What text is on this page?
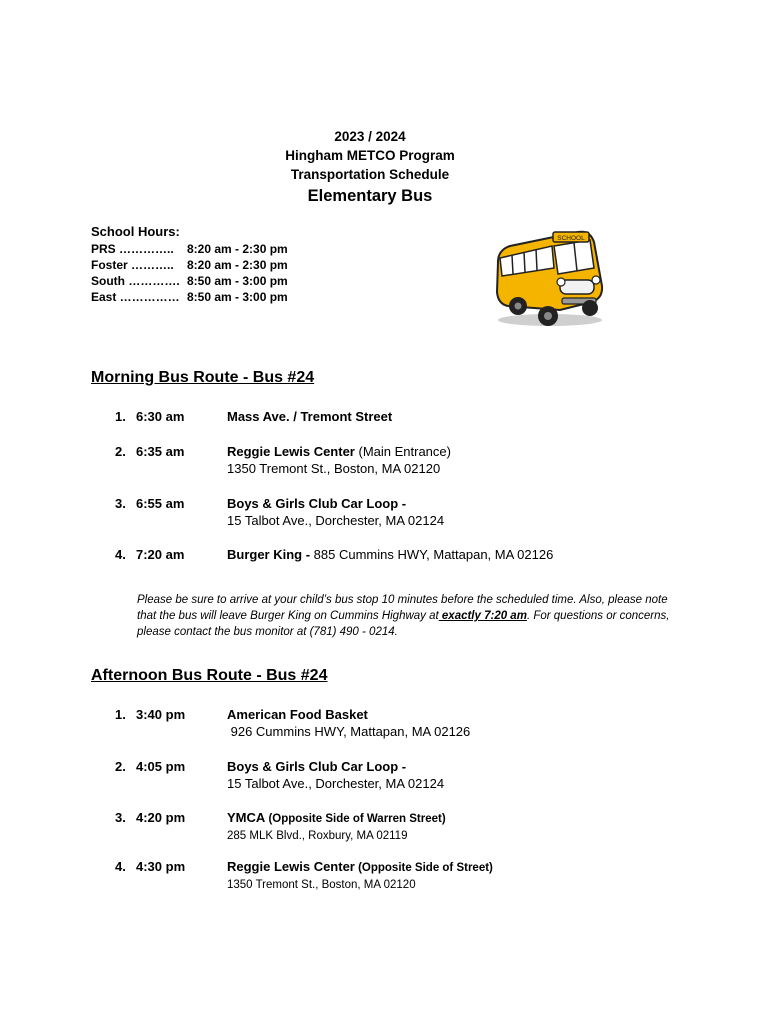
2023 / 2024
Hingham METCO Program
Transportation Schedule
Elementary Bus
School Hours:
PRS …………..	8:20 am - 2:30 pm
Foster ………..	8:20 am - 2:30 pm
South …………. 8:50 am - 3:00 pm
East …………… 8:50 am - 3:00 pm
SCHOOL
Morning Bus Route - Bus #24
1. 6:30 am	Mass Ave. / Tremont Street
2. 6:35 am	Reggie Lewis Center (Main Entrance)
1350 Tremont St., Boston, MA 02120
3. 6:55 am	Boys & Girls Club Car Loop -
15 Talbot Ave., Dorchester, MA 02124
4. 7:20 am	Burger King - 885 Cummins HWY, Mattapan, MA 02126
Please be sure to arrive at your child’s bus stop 10 minutes before the scheduled time. Also, please note that the bus will leave Burger King on Cummins Highway at exactly 7:20 am. For questions or concerns, please contact the bus monitor at (781) 490 - 0214.
Afternoon Bus Route - Bus #24
1. 3:40 pm	American Food Basket
926 Cummins HWY, Mattapan, MA 02126
2. 4:05 pm	Boys & Girls Club Car Loop -
15 Talbot Ave., Dorchester, MA 02124
3. 4:20 pm	YMCA (Opposite Side of Warren Street)
285 MLK Blvd., Roxbury, MA 02119
4. 4:30 pm	Reggie Lewis Center (Opposite Side of Street)
1350 Tremont St., Boston, MA 02120
